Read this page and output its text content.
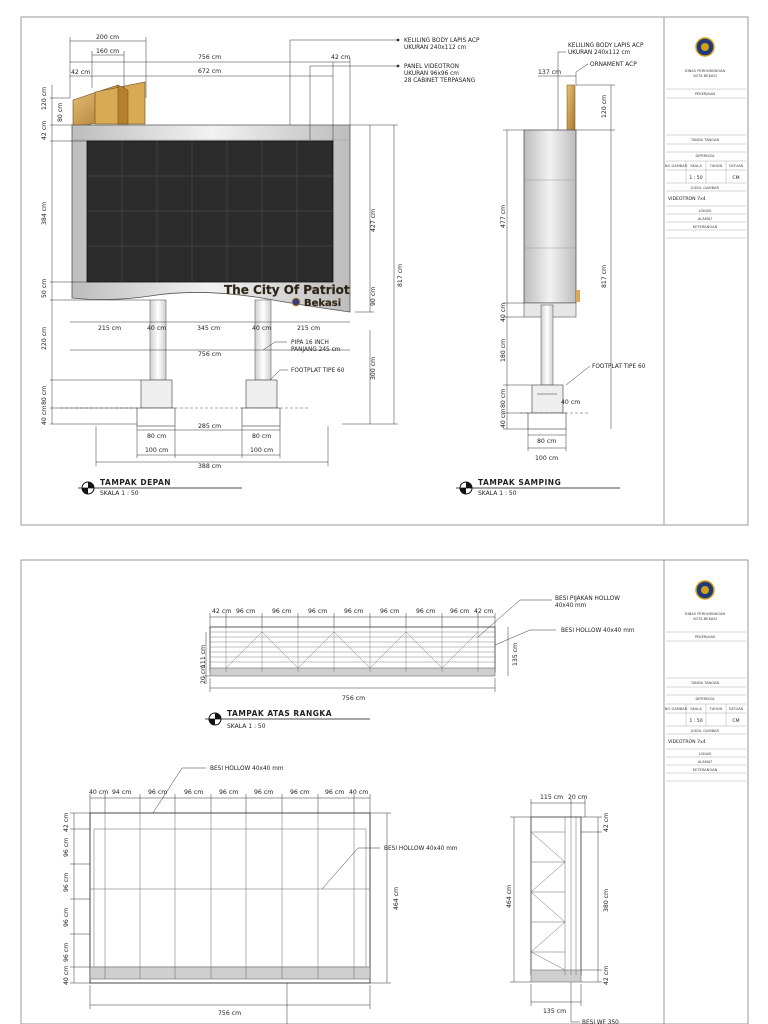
The City Of Patriot
Bekasi
200 cm
160 cm
756 cm
672 cm
42 cm
42 cm
120 cm
80 cm
42 cm
384 cm
50 cm
220 cm
80 cm
40 cm
427 cm
90 cm
817 cm
300 cm
215 cm	40 cm	345 cm	40 cm	215 cm
756 cm
80 cm
100 cm
285 cm
80 cm
100 cm
388 cm
KELILING BODY LAPIS ACP
UKURAN 240x112 cm
PANEL VIDEOTRON
UKURAN 96x96 cm
28 CABINET TERPASANG
PIPA 16 INCH
PANJANG 245 cm
FOOTPLAT TIPE 60
TAMPAK DEPAN
SKALA 1 : 50
137 cm
120 cm
477 cm
817 cm
40 cm
180 cm
80 cm
40 cm
40 cm
80 cm
100 cm
KELILING BODY LAPIS ACP
UKURAN 240x112 cm
ORNAMENT ACP
FOOTPLAT TIPE 60
TAMPAK SAMPING
SKALA 1 : 50
DINAS PERHUBUNGAN
KOTA BEKASI
PEKERJAAN
TANDA TANGAN
DIPERIKSA
NO GAMBAR SKALA TAHUN SATUAN
1 : 50	CM
JUDUL GAMBAR
VIDEOTRON 7x4
LOKASI
ALAMAT
KETERANGAN
42 cm 96 cm	96 cm	96 cm	96 cm	96 cm	96 cm 96 cm 42 cm
111 cm
20 cm
135 cm
756 cm
BESI PIJAKAN HOLLOW
40x40 mm
BESI HOLLOW 40x40 mm
TAMPAK ATAS RANGKA
SKALA 1 : 50
40 cm 94 cm	96 cm	96 cm	96 cm	96 cm	96 cm	96 cm 40 cm
42 cm
96 cm
96 cm
96 cm
96 cm
40 cm
464 cm
756 cm
BESI HOLLOW 40x40 mm
BESI HOLLOW 40x40 mm
115 cm 20 cm
42 cm
380 cm
42 cm
464 cm
135 cm
BESI WF 350
DINAS PERHUBUNGAN
KOTA BEKASI
PEKERJAAN
TANDA TANGAN
DIPERIKSA
NO GAMBAR SKALA TAHUN SATUAN
1 : 50	CM
JUDUL GAMBAR
VIDEOTRON 7x4
LOKASI
ALAMAT
KETERANGAN
